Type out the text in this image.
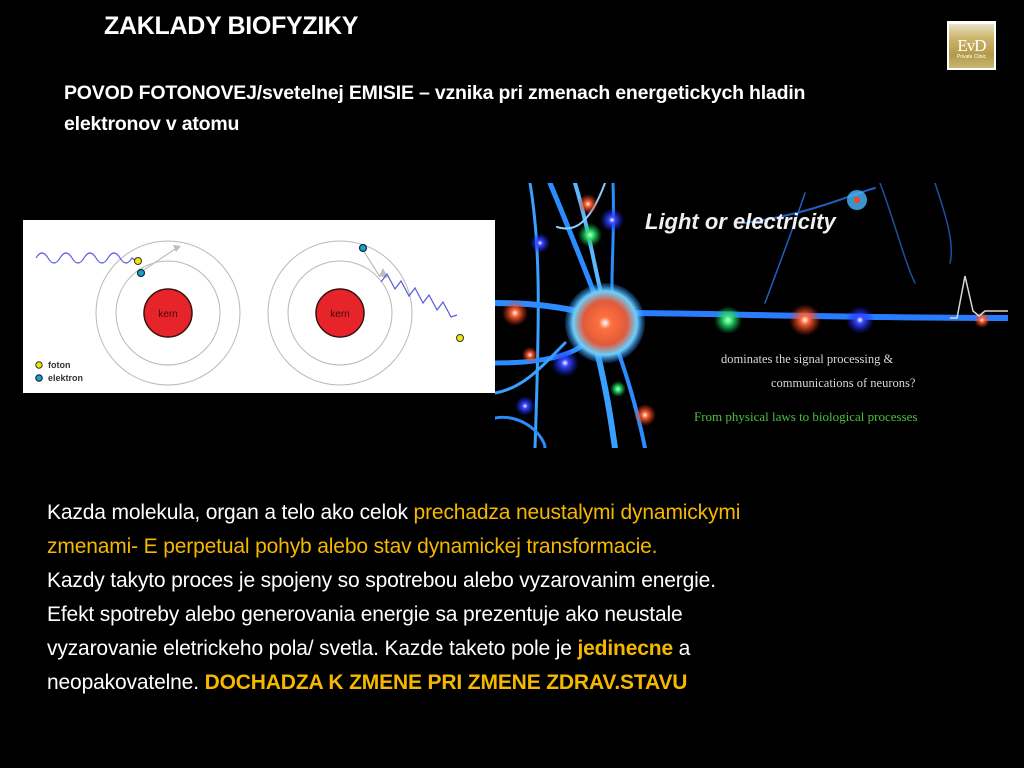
ZAKLADY BIOFYZIKY
EvD
Private Clinic
POVOD FOTONOVEJ/svetelnej EMISIE – vznika pri zmenach energetickych hladin
elektronov v atomu
kern	kern
foton
elektron
Light or electricity
dominates the signal processing &
communications of neurons?
From physical laws to biological processes
Kazda molekula, organ a telo ako celok prechadza neustalymi dynamickymi
zmenami- E perpetual pohyb alebo stav dynamickej transformacie.
Kazdy takyto proces je spojeny so spotrebou alebo vyzarovanim energie.
Efekt spotreby alebo generovania energie sa prezentuje ako neustale
vyzarovanie eletrickeho pola/ svetla. Kazde taketo pole je jedinecne a
neopakovatelne. DOCHADZA K ZMENE PRI ZMENE ZDRAV.STAVU
